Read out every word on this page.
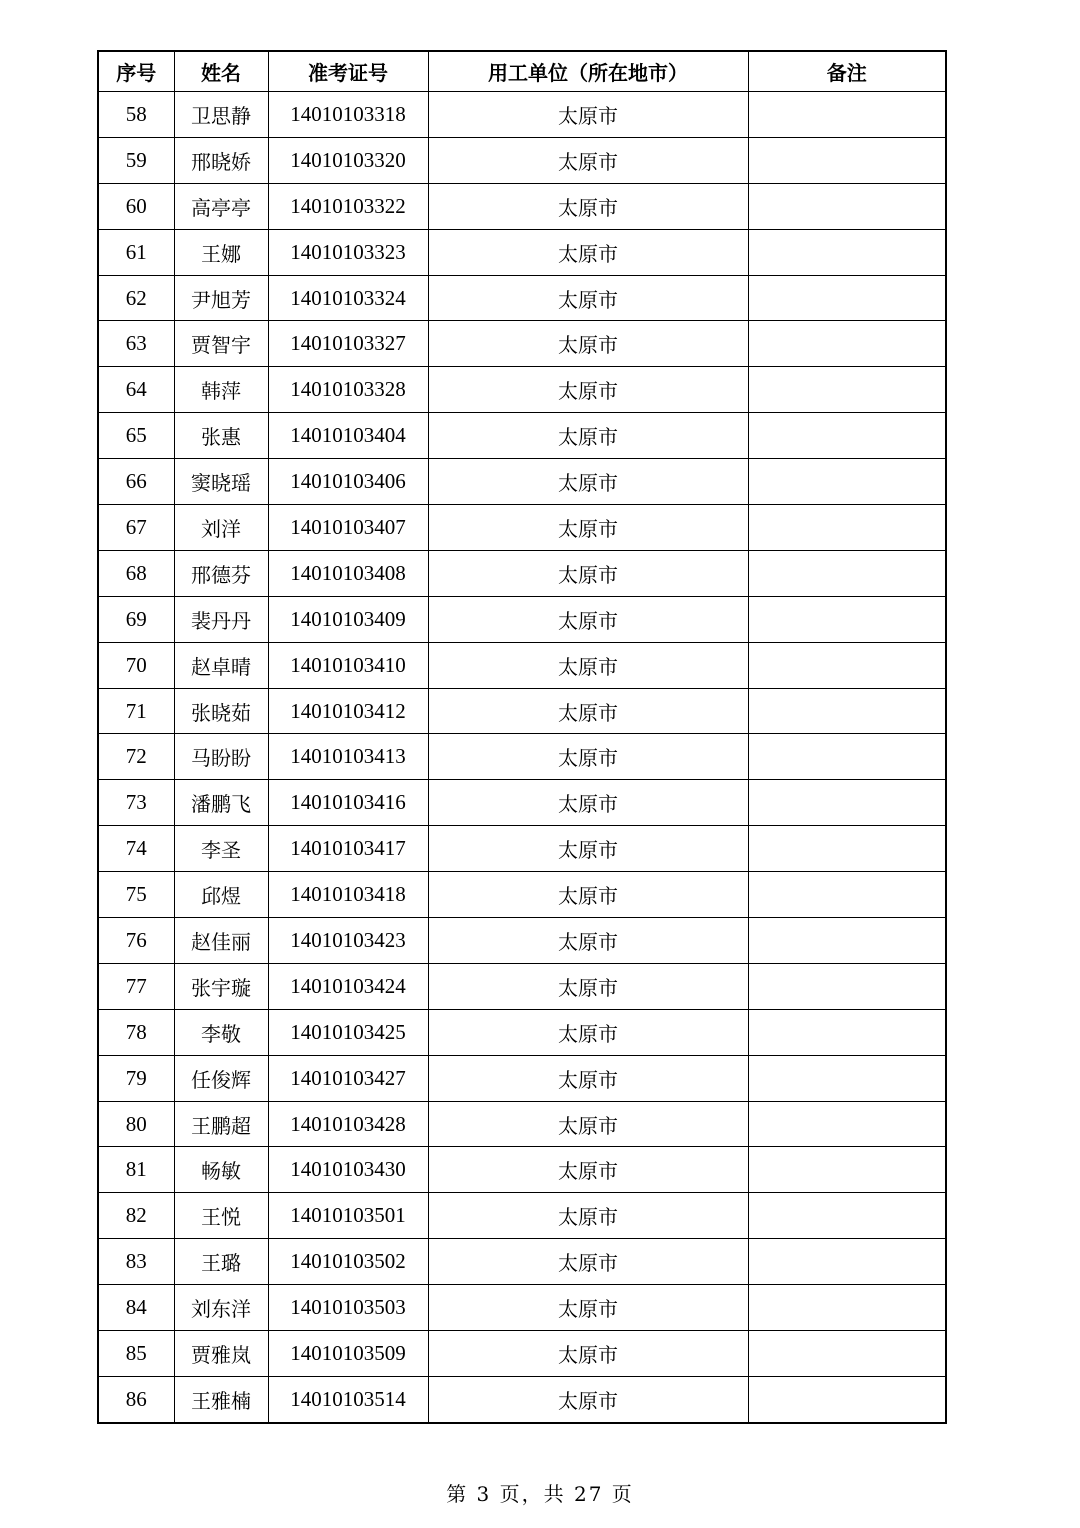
序号	姓名	准考证号	用工单位（所在地市）	备注
58	卫思静	14010103318	太原市	
59	邢晓娇	14010103320	太原市	
60	高亭亭	14010103322	太原市	
61	王娜	14010103323	太原市	
62	尹旭芳	14010103324	太原市	
63	贾智宇	14010103327	太原市	
64	韩萍	14010103328	太原市	
65	张惠	14010103404	太原市	
66	窦晓瑶	14010103406	太原市	
67	刘洋	14010103407	太原市	
68	邢德芬	14010103408	太原市	
69	裴丹丹	14010103409	太原市	
70	赵卓晴	14010103410	太原市	
71	张晓茹	14010103412	太原市	
72	马盼盼	14010103413	太原市	
73	潘鹏飞	14010103416	太原市	
74	李圣	14010103417	太原市	
75	邱煜	14010103418	太原市	
76	赵佳丽	14010103423	太原市	
77	张宇璇	14010103424	太原市	
78	李敬	14010103425	太原市	
79	任俊辉	14010103427	太原市	
80	王鹏超	14010103428	太原市	
81	畅敏	14010103430	太原市	
82	王悦	14010103501	太原市	
83	王璐	14010103502	太原市	
84	刘东洋	14010103503	太原市	
85	贾雅岚	14010103509	太原市	
86	王雅楠	14010103514	太原市	
第 3 页，共 27 页
